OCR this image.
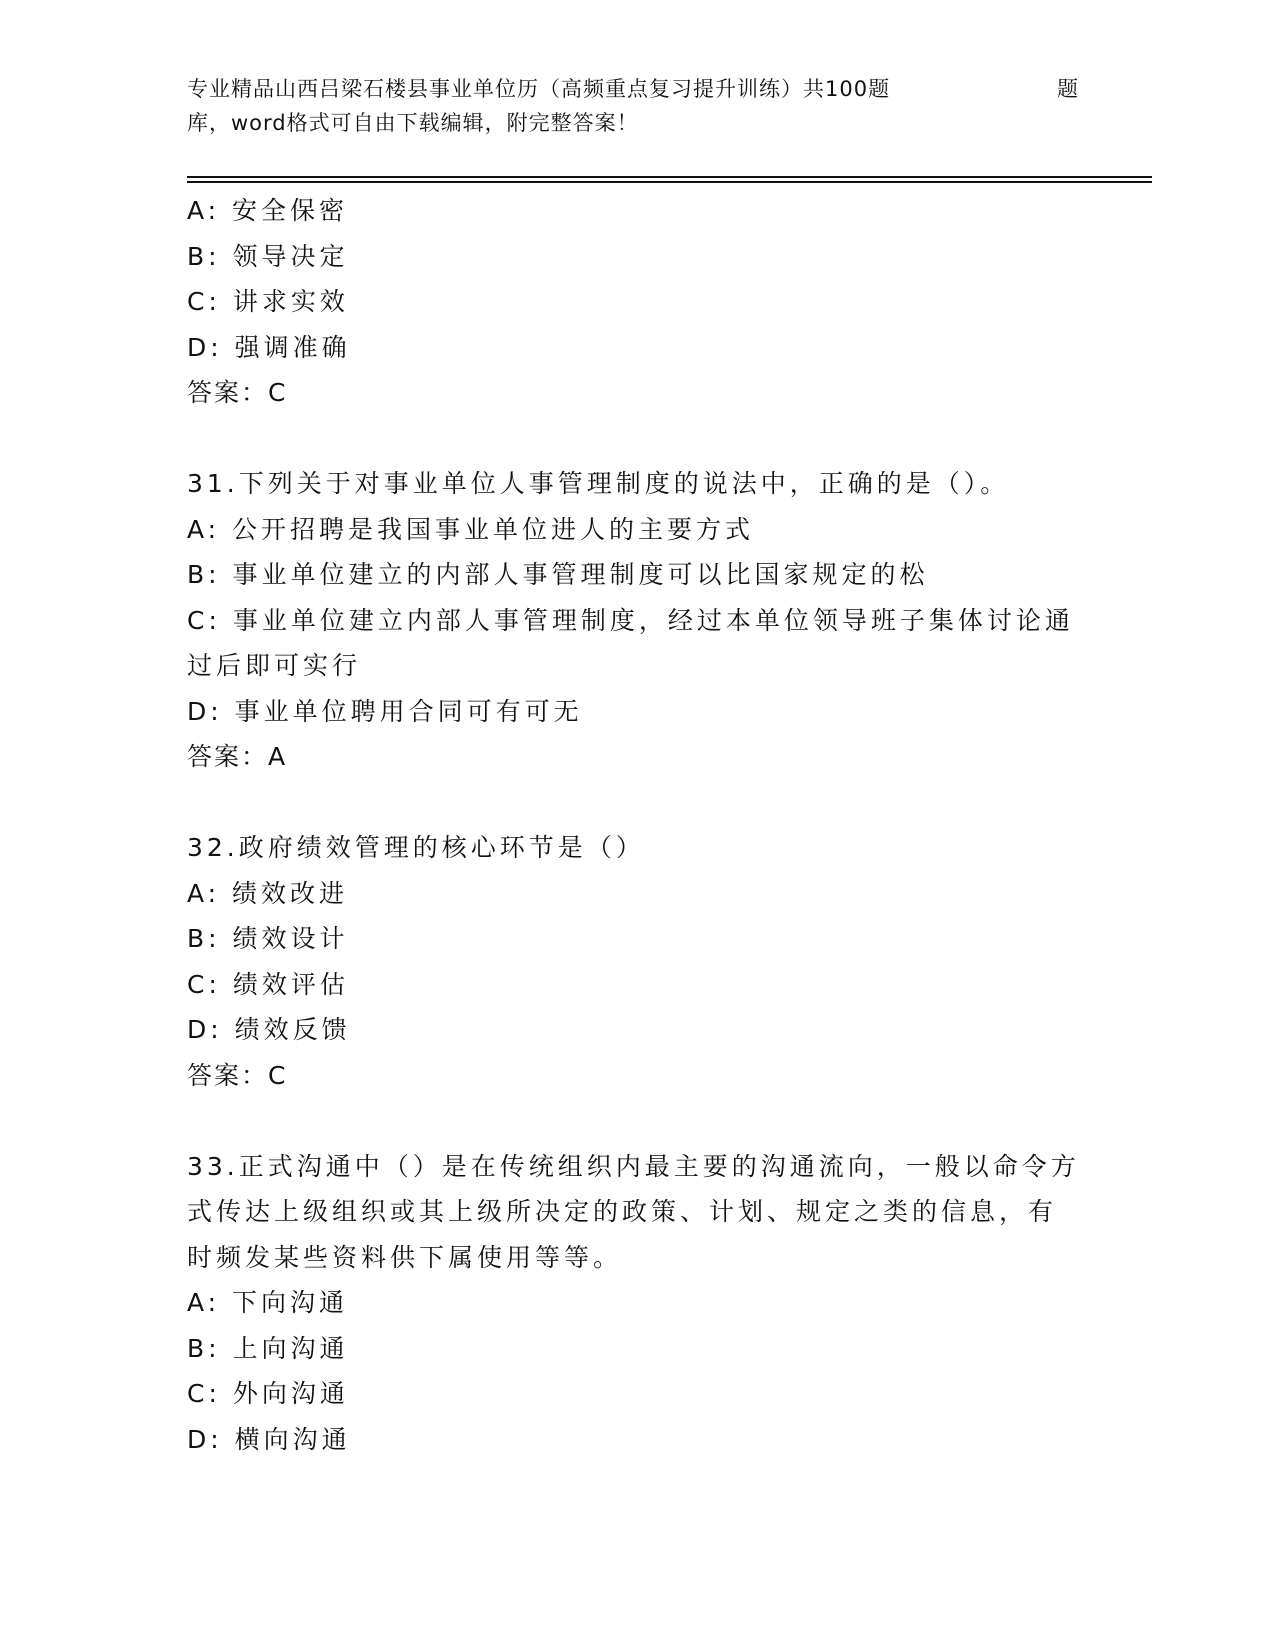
专业精品山西吕梁石楼县事业单位历（高频重点复习提升训练）共100题	题
库，word格式可自由下载编辑，附完整答案！
A: 安全保密
B: 领导决定
C: 讲求实效
D: 强调准确
答案：C
31.下列关于对事业单位人事管理制度的说法中，正确的是（）。
A: 公开招聘是我国事业单位进人的主要方式
B: 事业单位建立的内部人事管理制度可以比国家规定的松
C: 事业单位建立内部人事管理制度，经过本单位领导班子集体讨论通
过后即可实行
D: 事业单位聘用合同可有可无
答案：A
32.政府绩效管理的核心环节是（）
A: 绩效改进
B: 绩效设计
C: 绩效评估
D: 绩效反馈
答案：C
33.正式沟通中（）是在传统组织内最主要的沟通流向，一般以命令方
式传达上级组织或其上级所决定的政策、计划、规定之类的信息，有
时频发某些资料供下属使用等等。
A: 下向沟通
B: 上向沟通
C: 外向沟通
D: 横向沟通
